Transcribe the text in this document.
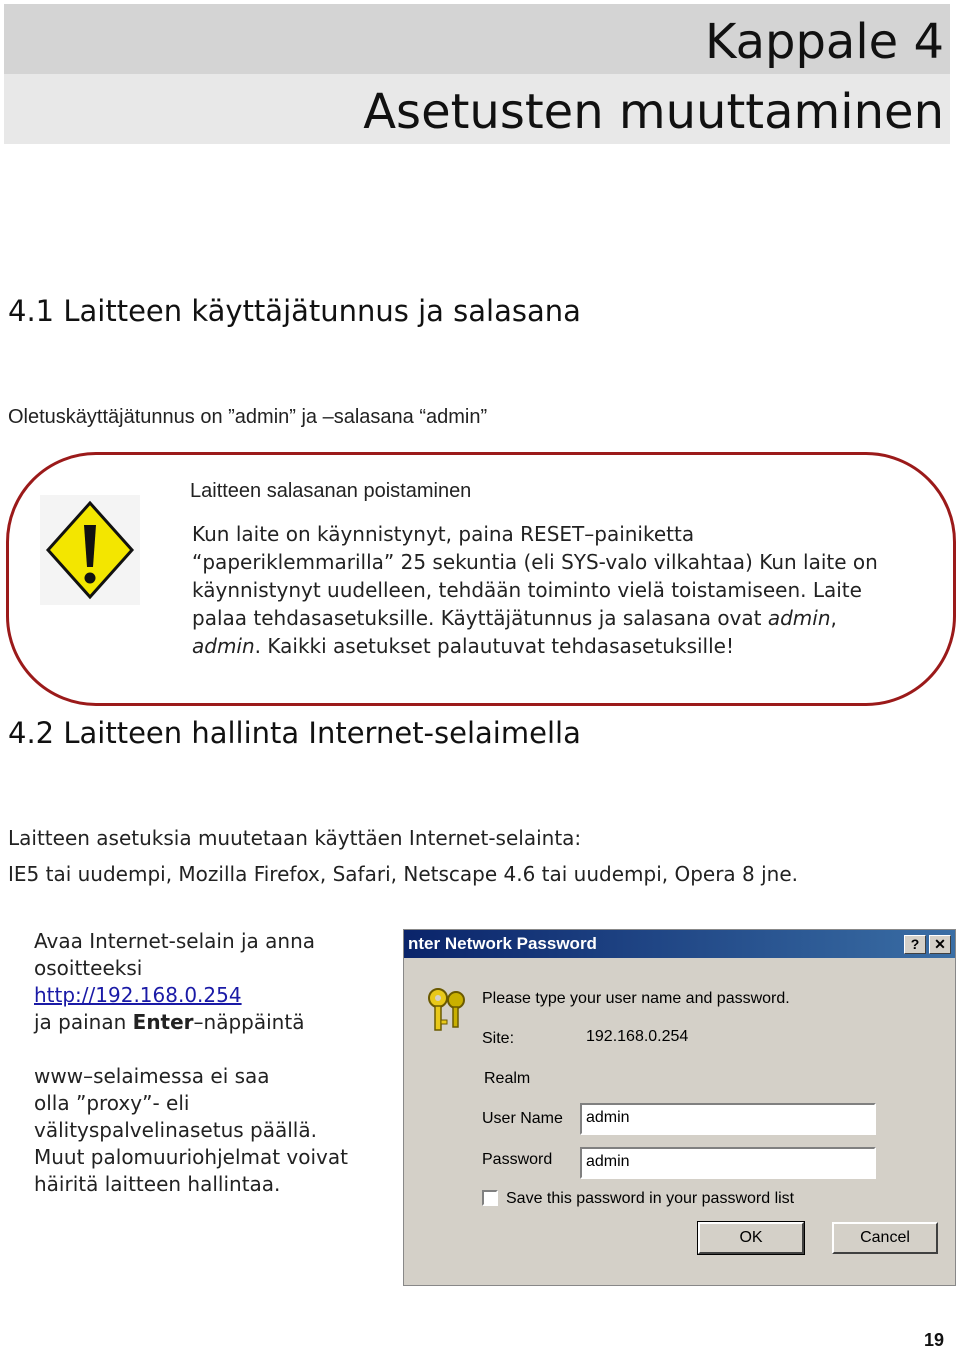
Kappale 4
Asetusten muuttaminen
4.1 Laitteen käyttäjätunnus ja salasana
Oletuskäyttäjätunnus on ”admin” ja –salasana “admin”
Laitteen salasanan poistaminen
Kun laite on käynnistynyt, paina RESET–painiketta
“paperiklemmarilla” 25 sekuntia (eli SYS-valo vilkahtaa) Kun laite on
käynnistynyt uudelleen, tehdään toiminto vielä toistamiseen. Laite
palaa tehdasasetuksille. Käyttäjätunnus ja salasana ovat admin,
admin. Kaikki asetukset palautuvat tehdasasetuksille!
4.2 Laitteen hallinta Internet-selaimella
Laitteen asetuksia muutetaan käyttäen Internet-selainta:
IE5 tai uudempi, Mozilla Firefox, Safari, Netscape 4.6 tai uudempi, Opera 8 jne.
Avaa Internet-selain ja anna
osoitteeksi
http://192.168.0.254
ja painan Enter–näppäintä
www–selaimessa ei saa
olla ”proxy”- eli
välityspalvelinasetus päällä.
Muut palomuuriohjelmat voivat
häiritä laitteen hallintaa.
nter Network Password	?	✕
Please type your user name and password.
Site:	192.168.0.254
Realm
User Name	admin
Password	admin
Save this password in your password list
OK	Cancel
19
